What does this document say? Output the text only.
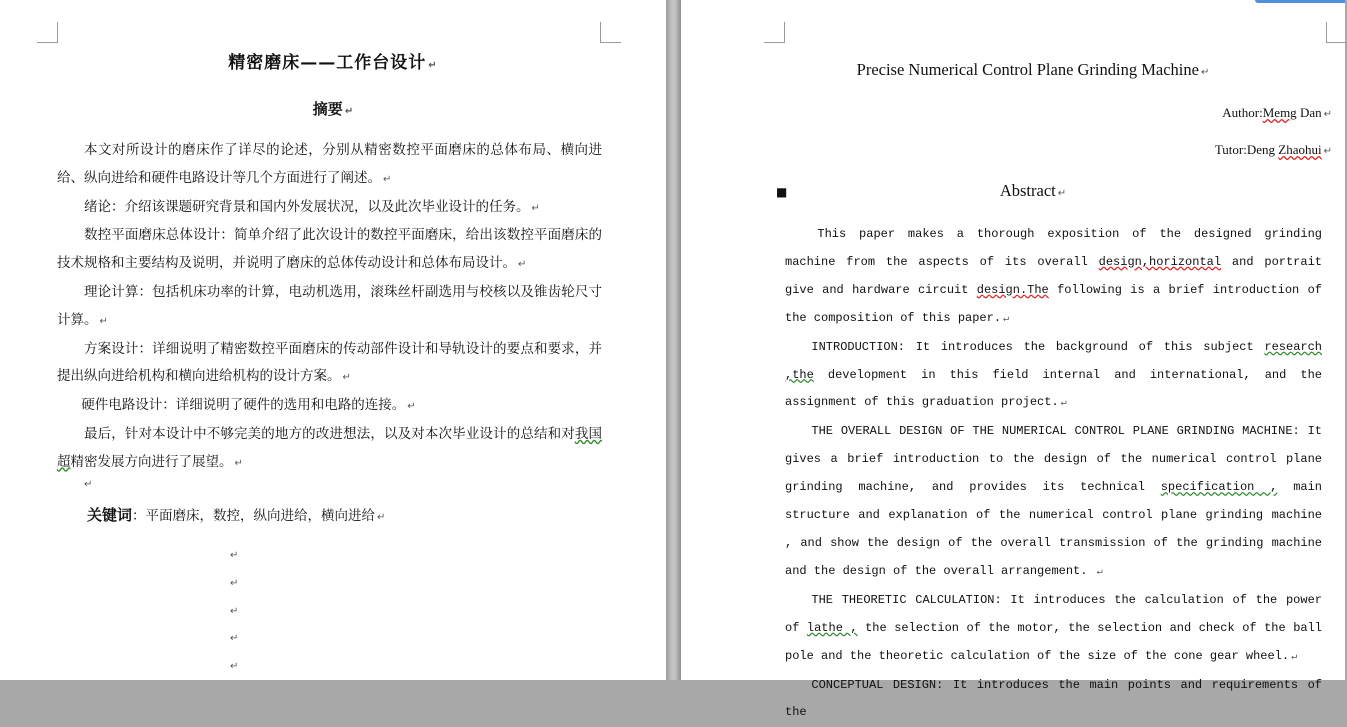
精密磨床——工作台设计 ↵
摘要 ↵

本文对所设计的磨床作了详尽的论述，分别从精密数控平面磨床的总体布局、横向进给、纵向进给和硬件电路设计等几个方面进行了阐述。 ↵

绪论：介绍该课题研究背景和国内外发展状况，以及此次毕业设计的任务。 ↵

数控平面磨床总体设计：简单介绍了此次设计的数控平面磨床，给出该数控平面磨床的技术规格和主要结构及说明，并说明了磨床的总体传动设计和总体布局设计。 ↵

理论计算：包括机床功率的计算，电动机选用，滚珠丝杆副选用与校核以及锥齿轮尺寸计算。 ↵

方案设计：详细说明了精密数控平面磨床的传动部件设计和导轨设计的要点和要求，并提出纵向进给机构和横向进给机构的设计方案。 ↵

硬件电路设计：详细说明了硬件的选用和电路的连接。 ↵

最后，针对本设计中不够完美的地方的改进想法，以及对本次毕业设计的总结和对我国超精密发展方向进行了展望。 ↵

↵
关键词：平面磨床，数控，纵向进给，横向进给 ↵
↵
↵
↵
↵
↵
Precise Numerical Control Plane Grinding Machine ↵
Author:Memg Dan ↵
Tutor:Deng Zhaohui ↵
■	Abstract ↵

This paper makes a thorough exposition of the designed grinding machine from the aspects of its overall design,horizontal and portrait give and hardware circuit design.The following is a brief introduction of the composition of this paper. ↵

INTRODUCTION: It introduces the background of this subject research ,the development in this field internal and international, and the assignment of this graduation project. ↵

THE OVERALL DESIGN OF THE NUMERICAL CONTROL PLANE GRINDING MACHINE: It gives a brief introduction to the design of the numerical control plane grinding machine, and provides its technical specification , main structure and explanation of the numerical control plane grinding machine , and show the design of the overall transmission of the grinding machine and the design of the overall arrangement. ↵

THE THEORETIC CALCULATION: It introduces the calculation of the power of lathe , the selection of the motor, the selection and check of the ball pole and the theoretic calculation of the size of the cone gear wheel. ↵

CONCEPTUAL DESIGN: It introduces the main points and requirements of the
